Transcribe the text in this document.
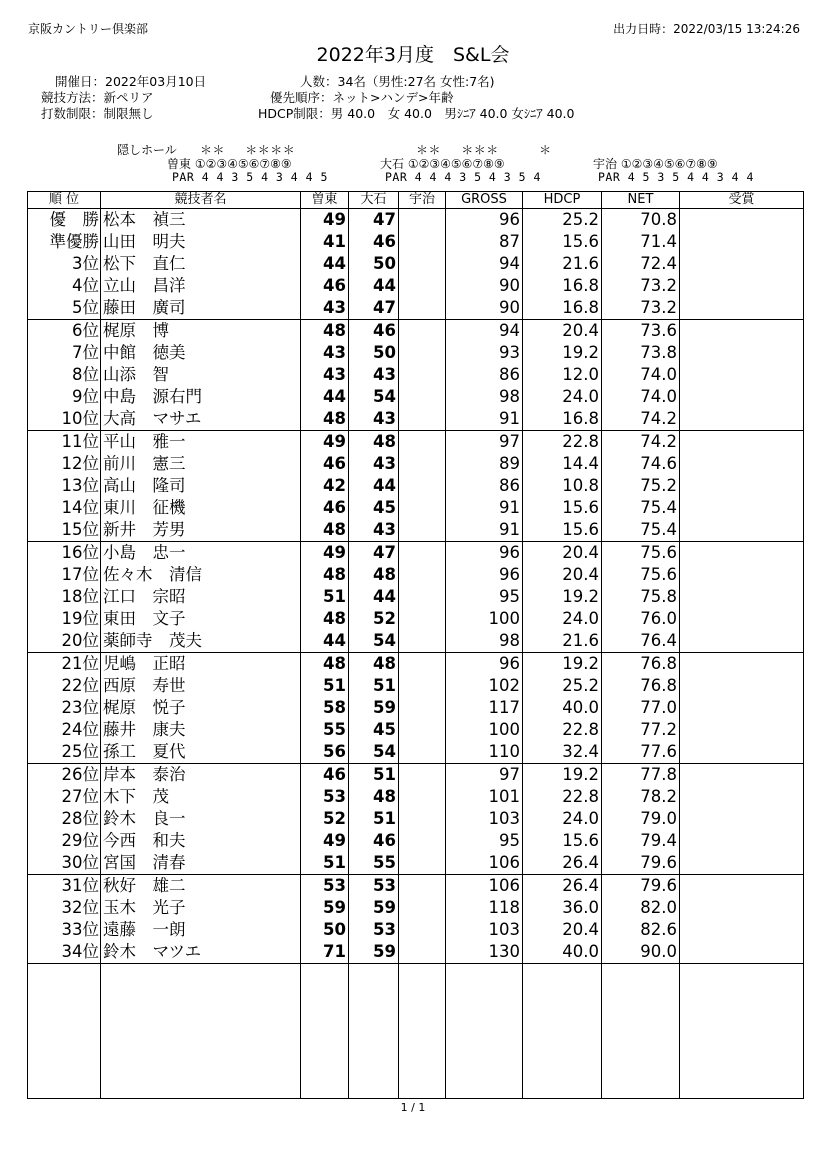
京阪カントリー倶楽部	出力日時：2022/03/15 13:24:26
2022年3月度　S&L会
開催日：2022年03月10日	人数：34名（男性:27名 女性:7名)
競技方法：新ペリア	優先順序：ネット>ハンデ>年齢
打数制限：制限無し	HDCP制限：男 40.0　女 40.0　男ｼﾆｱ 40.0 女ｼﾆｱ 40.0
隠しホール ＊＊　 ＊＊＊＊	＊＊　 ＊＊＊ 　 　＊
曽東 ①②③④⑤⑥⑦⑧⑨	大石 ①②③④⑤⑥⑦⑧⑨	宇治 ①②③④⑤⑥⑦⑧⑨
PAR 4 4 3 5 4 3 4 4 5	PAR 4 4 4 3 5 4 3 5 4	PAR 4 5 3 5 4 4 3 4 4
順 位	競技者名	曽東	大石	宇治	GROSS	HDCP	NET	受賞
優　勝	松本　禎三	49	47		96	25.2	70.8	
準優勝	山田　明夫	41	46		87	15.6	71.4	
3位	松下　直仁	44	50		94	21.6	72.4	
4位	立山　昌洋	46	44		90	16.8	73.2	
5位	藤田　廣司	43	47		90	16.8	73.2	
6位	梶原　博	48	46		94	20.4	73.6	
7位	中館　徳美	43	50		93	19.2	73.8	
8位	山添　智	43	43		86	12.0	74.0	
9位	中島　源右門	44	54		98	24.0	74.0	
10位	大高　マサエ	48	43		91	16.8	74.2	
11位	平山　雅一	49	48		97	22.8	74.2	
12位	前川　憲三	46	43		89	14.4	74.6	
13位	高山　隆司	42	44		86	10.8	75.2	
14位	東川　征機	46	45		91	15.6	75.4	
15位	新井　芳男	48	43		91	15.6	75.4	
16位	小島　忠一	49	47		96	20.4	75.6	
17位	佐々木　清信	48	48		96	20.4	75.6	
18位	江口　宗昭	51	44		95	19.2	75.8	
19位	東田　文子	48	52		100	24.0	76.0	
20位	薬師寺　茂夫	44	54		98	21.6	76.4	
21位	児嶋　正昭	48	48		96	19.2	76.8	
22位	西原　寿世	51	51		102	25.2	76.8	
23位	梶原　悦子	58	59		117	40.0	77.0	
24位	藤井　康夫	55	45		100	22.8	77.2	
25位	孫工　夏代	56	54		110	32.4	77.6	
26位	岸本　泰治	46	51		97	19.2	77.8	
27位	木下　茂	53	48		101	22.8	78.2	
28位	鈴木　良一	52	51		103	24.0	79.0	
29位	今西　和夫	49	46		95	15.6	79.4	
30位	宮国　清春	51	55		106	26.4	79.6	
31位	秋好　雄二	53	53		106	26.4	79.6	
32位	玉木　光子	59	59		118	36.0	82.0	
33位	遠藤　一朗	50	53		103	20.4	82.6	
34位	鈴木　マツエ	71	59		130	40.0	90.0	

1 / 1
